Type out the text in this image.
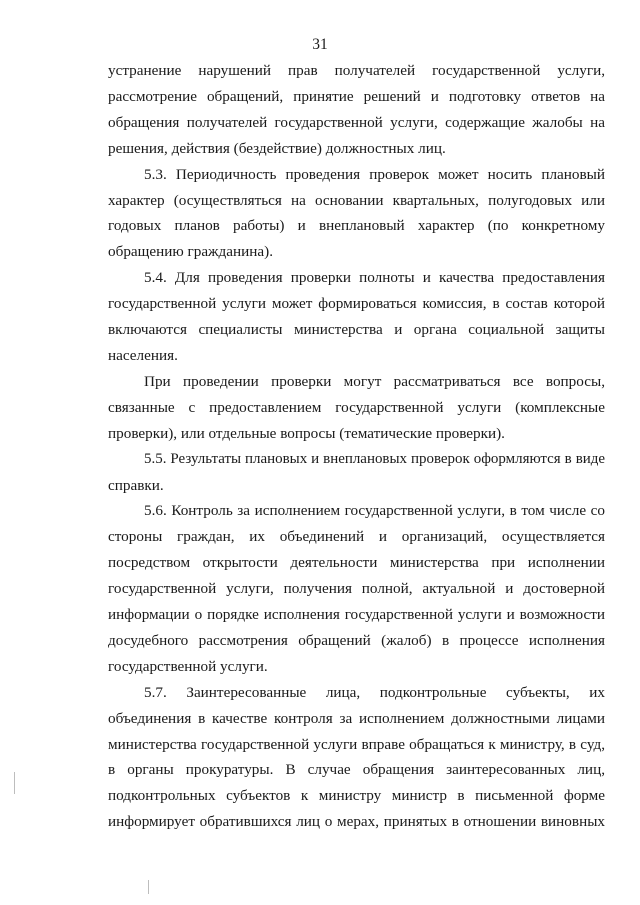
31
устранение нарушений прав получателей государственной услуги,
рассмотрение обращений, принятие решений и подготовку ответов на
обращения получателей государственной услуги, содержащие жалобы на
решения, действия (бездействие) должностных лиц.
5.3. Периодичность проведения проверок может носить плановый
характер (осуществляться на основании квартальных, полугодовых или
годовых планов работы) и внеплановый характер (по конкретному
обращению гражданина).
5.4. Для проведения проверки полноты и качества предоставления
государственной услуги может формироваться комиссия, в состав которой
включаются специалисты министерства и органа социальной защиты
населения.
При проведении проверки могут рассматриваться все вопросы,
связанные с предоставлением государственной услуги (комплексные
проверки), или отдельные вопросы (тематические проверки).
5.5. Результаты плановых и внеплановых проверок оформляются в виде
справки.
5.6. Контроль за исполнением государственной услуги, в том числе со
стороны граждан, их объединений и организаций, осуществляется
посредством открытости деятельности министерства при исполнении
государственной услуги, получения полной, актуальной и достоверной
информации о порядке исполнения государственной услуги и возможности
досудебного рассмотрения обращений (жалоб) в процессе исполнения
государственной услуги.
5.7. Заинтересованные лица, подконтрольные субъекты, их
объединения в качестве контроля за исполнением должностными лицами
министерства государственной услуги вправе обращаться к министру, в суд,
в органы прокуратуры. В случае обращения заинтересованных лиц,
подконтрольных субъектов к министру министр в письменной форме
информирует обратившихся лиц о мерах, принятых в отношении виновных
